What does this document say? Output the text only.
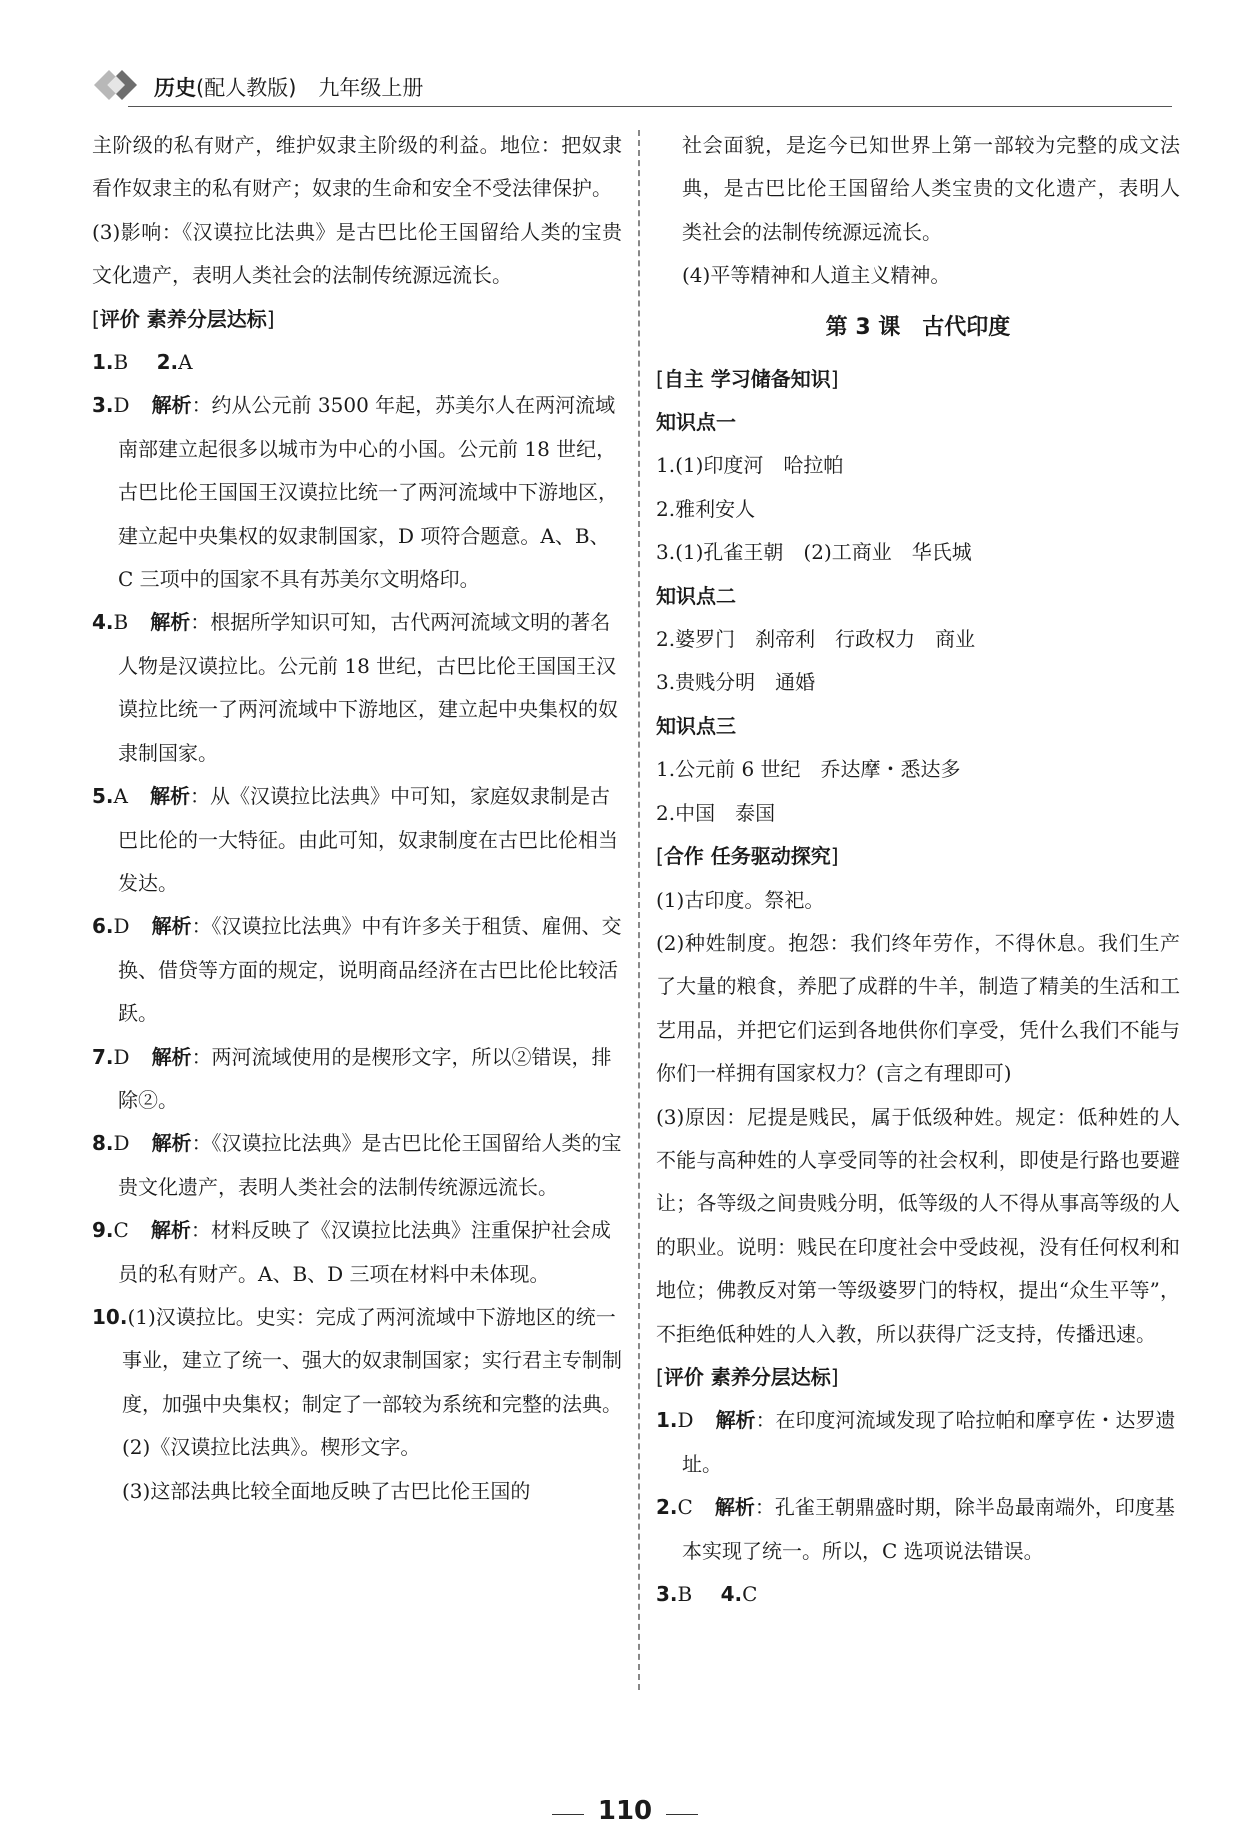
历史(配人教版) 九年级上册

主阶级的私有财产，维护奴隶主阶级的利益。地位：把奴隶看作奴隶主的私有财产；奴隶的生命和安全不受法律保护。

(3)影响：《汉谟拉比法典》是古巴比伦王国留给人类的宝贵文化遗产，表明人类社会的法制传统源远流长。

[评价 素养分层达标]

1.B 2.A

3.D 解析：约从公元前 3500 年起，苏美尔人在两河流域南部建立起很多以城市为中心的小国。公元前 18 世纪，古巴比伦王国国王汉谟拉比统一了两河流域中下游地区，建立起中央集权的奴隶制国家，D 项符合题意。A、B、C 三项中的国家不具有苏美尔文明烙印。

4.B 解析：根据所学知识可知，古代两河流域文明的著名人物是汉谟拉比。公元前 18 世纪，古巴比伦王国国王汉谟拉比统一了两河流域中下游地区，建立起中央集权的奴隶制国家。

5.A 解析：从《汉谟拉比法典》中可知，家庭奴隶制是古巴比伦的一大特征。由此可知，奴隶制度在古巴比伦相当发达。

6.D 解析：《汉谟拉比法典》中有许多关于租赁、雇佣、交换、借贷等方面的规定，说明商品经济在古巴比伦比较活跃。

7.D 解析：两河流域使用的是楔形文字，所以②错误，排除②。

8.D 解析：《汉谟拉比法典》是古巴比伦王国留给人类的宝贵文化遗产，表明人类社会的法制传统源远流长。

9.C 解析：材料反映了《汉谟拉比法典》注重保护社会成员的私有财产。A、B、D 三项在材料中未体现。

10.(1)汉谟拉比。史实：完成了两河流域中下游地区的统一事业，建立了统一、强大的奴隶制国家；实行君主专制制度，加强中央集权；制定了一部较为系统和完整的法典。

(2)《汉谟拉比法典》。楔形文字。

(3)这部法典比较全面地反映了古巴比伦王国的

社会面貌，是迄今已知世界上第一部较为完整的成文法典，是古巴比伦王国留给人类宝贵的文化遗产，表明人类社会的法制传统源远流长。

(4)平等精神和人道主义精神。

第 3 课　古代印度

[自主 学习储备知识]

知识点一

1.(1)印度河　哈拉帕

2.雅利安人

3.(1)孔雀王朝　(2)工商业　华氏城

知识点二

2.婆罗门　刹帝利　行政权力　商业

3.贵贱分明　通婚

知识点三

1.公元前 6 世纪　乔达摩・悉达多

2.中国　泰国

[合作 任务驱动探究]

(1)古印度。祭祀。

(2)种姓制度。抱怨：我们终年劳作，不得休息。我们生产了大量的粮食，养肥了成群的牛羊，制造了精美的生活和工艺用品，并把它们运到各地供你们享受，凭什么我们不能与你们一样拥有国家权力？(言之有理即可)

(3)原因：尼提是贱民，属于低级种姓。规定：低种姓的人不能与高种姓的人享受同等的社会权利，即使是行路也要避让；各等级之间贵贱分明，低等级的人不得从事高等级的人的职业。说明：贱民在印度社会中受歧视，没有任何权利和地位；佛教反对第一等级婆罗门的特权，提出“众生平等”，不拒绝低种姓的人入教，所以获得广泛支持，传播迅速。

[评价 素养分层达标]

1.D 解析：在印度河流域发现了哈拉帕和摩亨佐・达罗遗址。

2.C 解析：孔雀王朝鼎盛时期，除半岛最南端外，印度基本实现了统一。所以，C 选项说法错误。

3.B 4.C

110
